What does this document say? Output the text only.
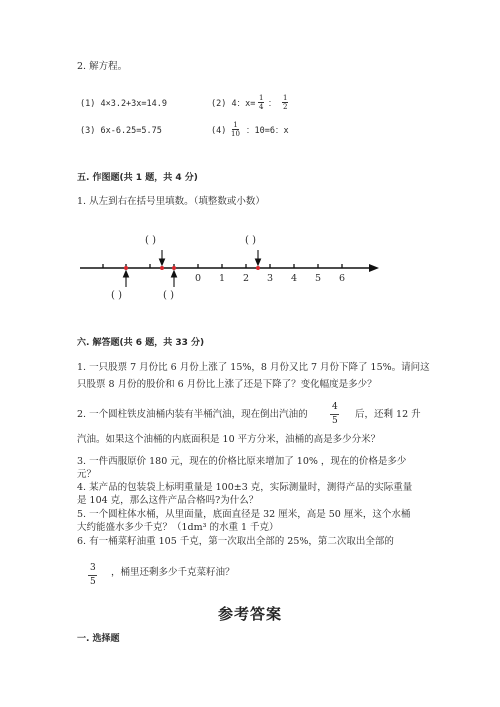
2. 解方程。
(1) 4×3.2+3x=14.9	(2) 4：$x= \frac{1}{4}$ ： $\frac{1}{2}$
(3) 6x-6.25=5.75	$(4) \frac{1}{10}$ ：10=6：x
五. 作图题(共 1 题，共 4 分)
1. 从左到右在括号里填数。（填整数或小数）
( )	( )
( )	( )
0 1 2 3 4 5 6
六. 解答题(共 6 题，共 33 分)
1. 一只股票 7 月份比 6 月份上涨了 15%，8 月份又比 7 月份下降了 15%。请问这
只股票 8 月份的股价和 6 月份比上涨了还是下降了？变化幅度是多少？
2. 一个圆柱铁皮油桶内装有半桶汽油，现在倒出汽油的
4
5
后，还剩 12 升
汽油。如果这个油桶的内底面积是 10 平方分米，油桶的高是多少分米？
3. 一件西服原价 180 元，现在的价格比原来增加了 10% ，现在的价格是多少
元？
4. 某产品的包装袋上标明重量是 100±3 克，实际测量时，测得产品的实际重量
是 104 克，那么这件产品合格吗?为什么？
5. 一个圆柱体水桶，从里面量，底面直径是 32 厘米，高是 50 厘米，这个水桶
大约能盛水多少千克？（1dm³ 的水重 1 千克）
6. 有一桶菜籽油重 105 千克，第一次取出全部的 25%，第二次取出全部的
3
5
，桶里还剩多少千克菜籽油？
参考答案
一. 选择题
